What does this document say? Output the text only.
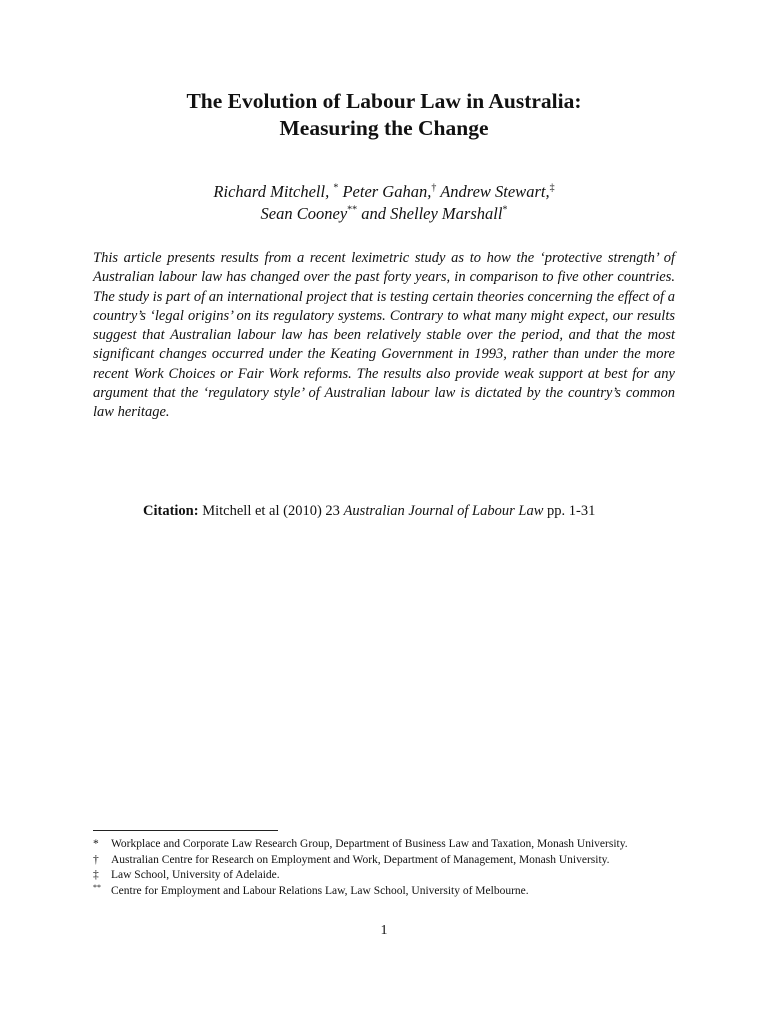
The Evolution of Labour Law in Australia:
Measuring the Change

Richard Mitchell, * Peter Gahan,† Andrew Stewart,‡
Sean Cooney** and Shelley Marshall*

This article presents results from a recent leximetric study as to how the ‘protective strength’ of Australian labour law has changed over the past forty years, in comparison to five other countries. The study is part of an international project that is testing certain theories concerning the effect of a country’s ‘legal origins’ on its regulatory systems. Contrary to what many might expect, our results suggest that Australian labour law has been relatively stable over the period, and that the most significant changes occurred under the Keating Government in 1993, rather than under the more recent Work Choices or Fair Work reforms. The results also provide weak support at best for any argument that the ‘regulatory style’ of Australian labour law is dictated by the country’s common law heritage.

Citation: Mitchell et al (2010) 23 Australian Journal of Labour Law pp. 1-31

*	Workplace and Corporate Law Research Group, Department of Business Law and Taxation, Monash University.
†	Australian Centre for Research on Employment and Work, Department of Management, Monash University.
‡	Law School, University of Adelaide.
** Centre for Employment and Labour Relations Law, Law School, University of Melbourne.
1
